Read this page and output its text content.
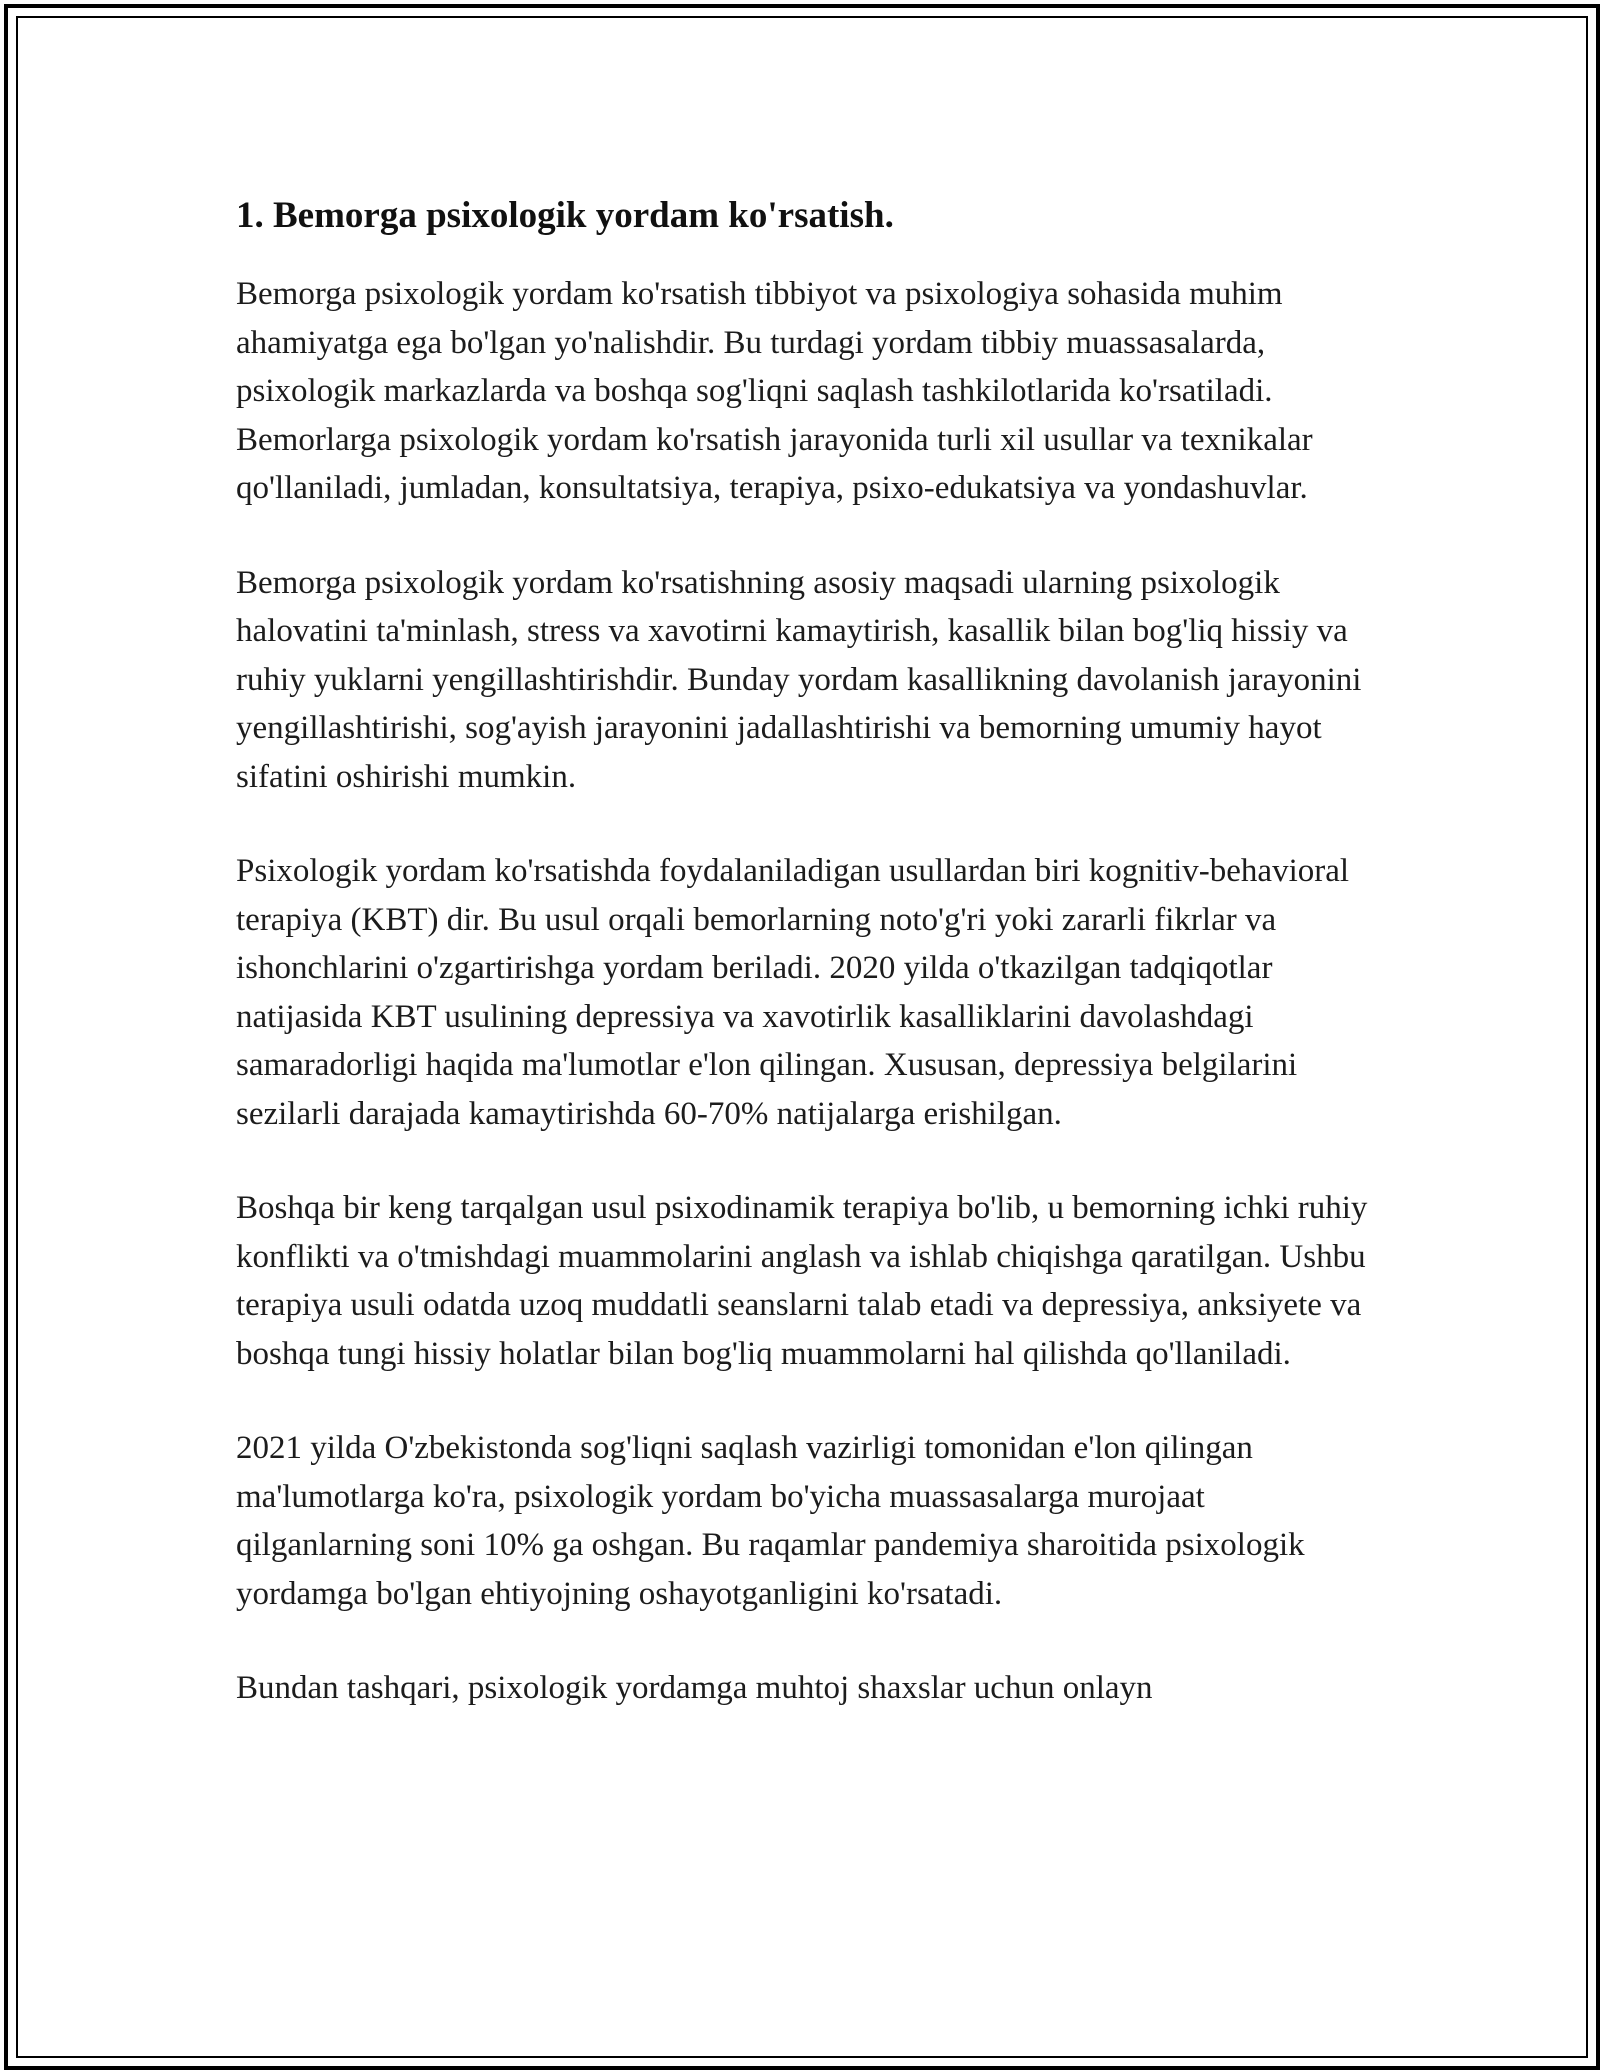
1. Bemorga psixologik yordam ko'rsatish.

Bemorga psixologik yordam ko'rsatish tibbiyot va psixologiya sohasida muhim ahamiyatga ega bo'lgan yo'nalishdir. Bu turdagi yordam tibbiy muassasalarda, psixologik markazlarda va boshqa sog'liqni saqlash tashkilotlarida ko'rsatiladi. Bemorlarga psixologik yordam ko'rsatish jarayonida turli xil usullar va texnikalar qo'llaniladi, jumladan, konsultatsiya, terapiya, psixo-edukatsiya va yondashuvlar.

Bemorga psixologik yordam ko'rsatishning asosiy maqsadi ularning psixologik halovatini ta'minlash, stress va xavotirni kamaytirish, kasallik bilan bog'liq hissiy va ruhiy yuklarni yengillashtirishdir. Bunday yordam kasallikning davolanish jarayonini yengillashtirishi, sog'ayish jarayonini jadallashtirishi va bemorning umumiy hayot sifatini oshirishi mumkin.

Psixologik yordam ko'rsatishda foydalaniladigan usullardan biri kognitiv-behavioral terapiya (KBT) dir. Bu usul orqali bemorlarning noto'g'ri yoki zararli fikrlar va ishonchlarini o'zgartirishga yordam beriladi. 2020 yilda o'tkazilgan tadqiqotlar natijasida KBT usulining depressiya va xavotirlik kasalliklarini davolashdagi samaradorligi haqida ma'lumotlar e'lon qilingan. Xususan, depressiya belgilarini sezilarli darajada kamaytirishda 60-70% natijalarga erishilgan.

Boshqa bir keng tarqalgan usul psixodinamik terapiya bo'lib, u bemorning ichki ruhiy konflikti va o'tmishdagi muammolarini anglash va ishlab chiqishga qaratilgan. Ushbu terapiya usuli odatda uzoq muddatli seanslarni talab etadi va depressiya, anksiyete va boshqa tungi hissiy holatlar bilan bog'liq muammolarni hal qilishda qo'llaniladi.

2021 yilda O'zbekistonda sog'liqni saqlash vazirligi tomonidan e'lon qilingan ma'lumotlarga ko'ra, psixologik yordam bo'yicha muassasalarga murojaat qilganlarning soni 10% ga oshgan. Bu raqamlar pandemiya sharoitida psixologik yordamga bo'lgan ehtiyojning oshayotganligini ko'rsatadi.

Bundan tashqari, psixologik yordamga muhtoj shaxslar uchun onlayn
